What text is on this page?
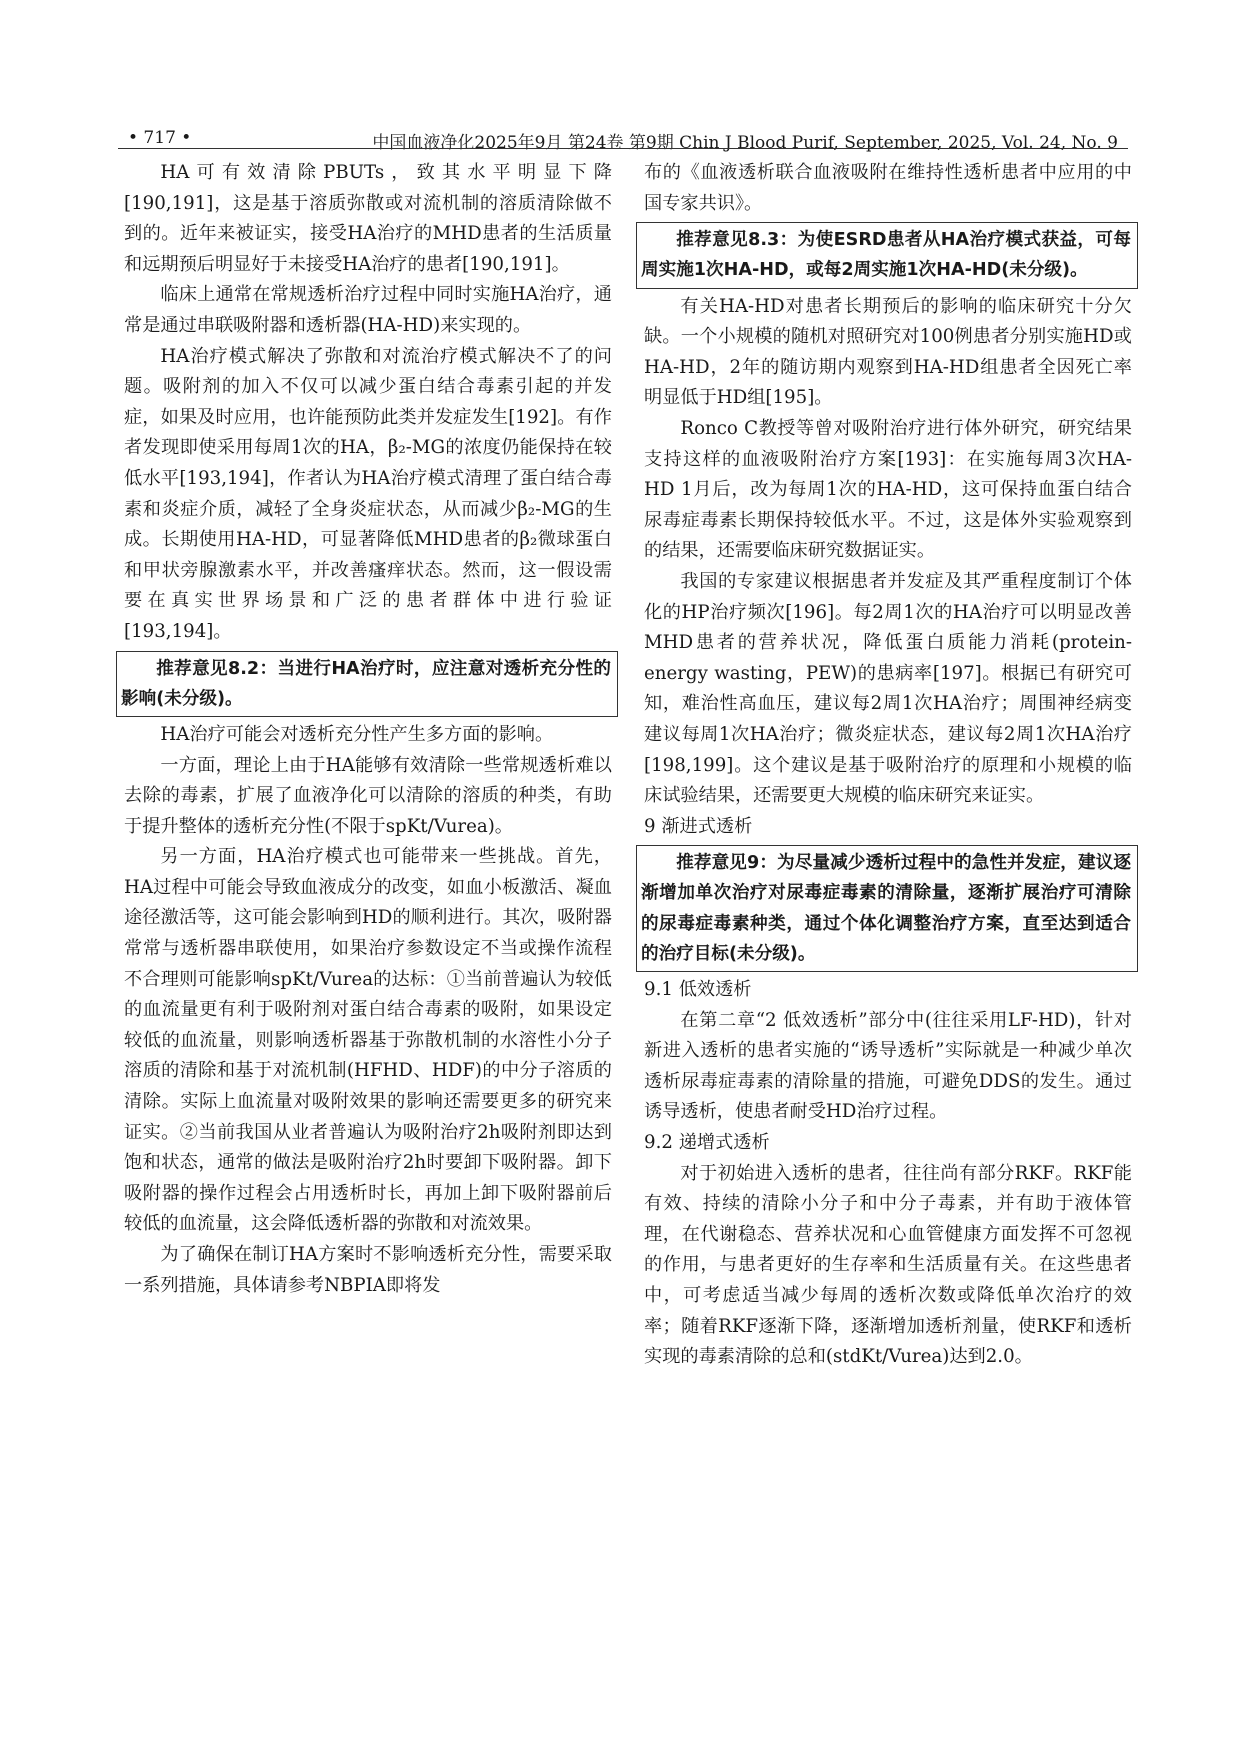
• 717 •	中国血液净化2025年9月 第24卷 第9期 Chin J Blood Purif, September, 2025, Vol. 24, No. 9

HA可有效清除PBUTs，致其水平明显下降[190,191]，这是基于溶质弥散或对流机制的溶质清除做不到的。近年来被证实，接受HA治疗的MHD患者的生活质量和远期预后明显好于未接受HA治疗的患者[190,191]。

临床上通常在常规透析治疗过程中同时实施HA治疗，通常是通过串联吸附器和透析器(HA-HD)来实现的。

HA治疗模式解决了弥散和对流治疗模式解决不了的问题。吸附剂的加入不仅可以减少蛋白结合毒素引起的并发症，如果及时应用，也许能预防此类并发症发生[192]。有作者发现即使采用每周1次的HA，β₂-MG的浓度仍能保持在较低水平[193,194]，作者认为HA治疗模式清理了蛋白结合毒素和炎症介质，减轻了全身炎症状态，从而减少β₂-MG的生成。长期使用HA-HD，可显著降低MHD患者的β₂微球蛋白和甲状旁腺激素水平，并改善瘙痒状态。然而，这一假设需要在真实世界场景和广泛的患者群体中进行验证[193,194]。

推荐意见8.2：当进行HA治疗时，应注意对透析充分性的影响(未分级)。

HA治疗可能会对透析充分性产生多方面的影响。

一方面，理论上由于HA能够有效清除一些常规透析难以去除的毒素，扩展了血液净化可以清除的溶质的种类，有助于提升整体的透析充分性(不限于spKt/Vurea)。

另一方面，HA治疗模式也可能带来一些挑战。首先，HA过程中可能会导致血液成分的改变，如血小板激活、凝血途径激活等，这可能会影响到HD的顺利进行。其次，吸附器常常与透析器串联使用，如果治疗参数设定不当或操作流程不合理则可能影响spKt/Vurea的达标：①当前普遍认为较低的血流量更有利于吸附剂对蛋白结合毒素的吸附，如果设定较低的血流量，则影响透析器基于弥散机制的水溶性小分子溶质的清除和基于对流机制(HFHD、HDF)的中分子溶质的清除。实际上血流量对吸附效果的影响还需要更多的研究来证实。②当前我国从业者普遍认为吸附治疗2h吸附剂即达到饱和状态，通常的做法是吸附治疗2h时要卸下吸附器。卸下吸附器的操作过程会占用透析时长，再加上卸下吸附器前后较低的血流量，这会降低透析器的弥散和对流效果。

为了确保在制订HA方案时不影响透析充分性，需要采取一系列措施，具体请参考NBPIA即将发

布的《血液透析联合血液吸附在维持性透析患者中应用的中国专家共识》。

推荐意见8.3：为使ESRD患者从HA治疗模式获益，可每周实施1次HA-HD，或每2周实施1次HA-HD(未分级)。

有关HA-HD对患者长期预后的影响的临床研究十分欠缺。一个小规模的随机对照研究对100例患者分别实施HD或HA-HD，2年的随访期内观察到HA-HD组患者全因死亡率明显低于HD组[195]。

Ronco C教授等曾对吸附治疗进行体外研究，研究结果支持这样的血液吸附治疗方案[193]：在实施每周3次HA-HD 1月后，改为每周1次的HA-HD，这可保持血蛋白结合尿毒症毒素长期保持较低水平。不过，这是体外实验观察到的结果，还需要临床研究数据证实。

我国的专家建议根据患者并发症及其严重程度制订个体化的HP治疗频次[196]。每2周1次的HA治疗可以明显改善MHD患者的营养状况，降低蛋白质能力消耗(protein-energy wasting，PEW)的患病率[197]。根据已有研究可知，难治性高血压，建议每2周1次HA治疗；周围神经病变建议每周1次HA治疗；微炎症状态，建议每2周1次HA治疗[198,199]。这个建议是基于吸附治疗的原理和小规模的临床试验结果，还需要更大规模的临床研究来证实。

9 渐进式透析

推荐意见9：为尽量减少透析过程中的急性并发症，建议逐渐增加单次治疗对尿毒症毒素的清除量，逐渐扩展治疗可清除的尿毒症毒素种类，通过个体化调整治疗方案，直至达到适合的治疗目标(未分级)。

9.1 低效透析

在第二章“2 低效透析”部分中(往往采用LF-HD)，针对新进入透析的患者实施的“诱导透析”实际就是一种减少单次透析尿毒症毒素的清除量的措施，可避免DDS的发生。通过诱导透析，使患者耐受HD治疗过程。

9.2 递增式透析

对于初始进入透析的患者，往往尚有部分RKF。RKF能有效、持续的清除小分子和中分子毒素，并有助于液体管理，在代谢稳态、营养状况和心血管健康方面发挥不可忽视的作用，与患者更好的生存率和生活质量有关。在这些患者中，可考虑适当减少每周的透析次数或降低单次治疗的效率；随着RKF逐渐下降，逐渐增加透析剂量，使RKF和透析实现的毒素清除的总和(stdKt/Vurea)达到2.0。
